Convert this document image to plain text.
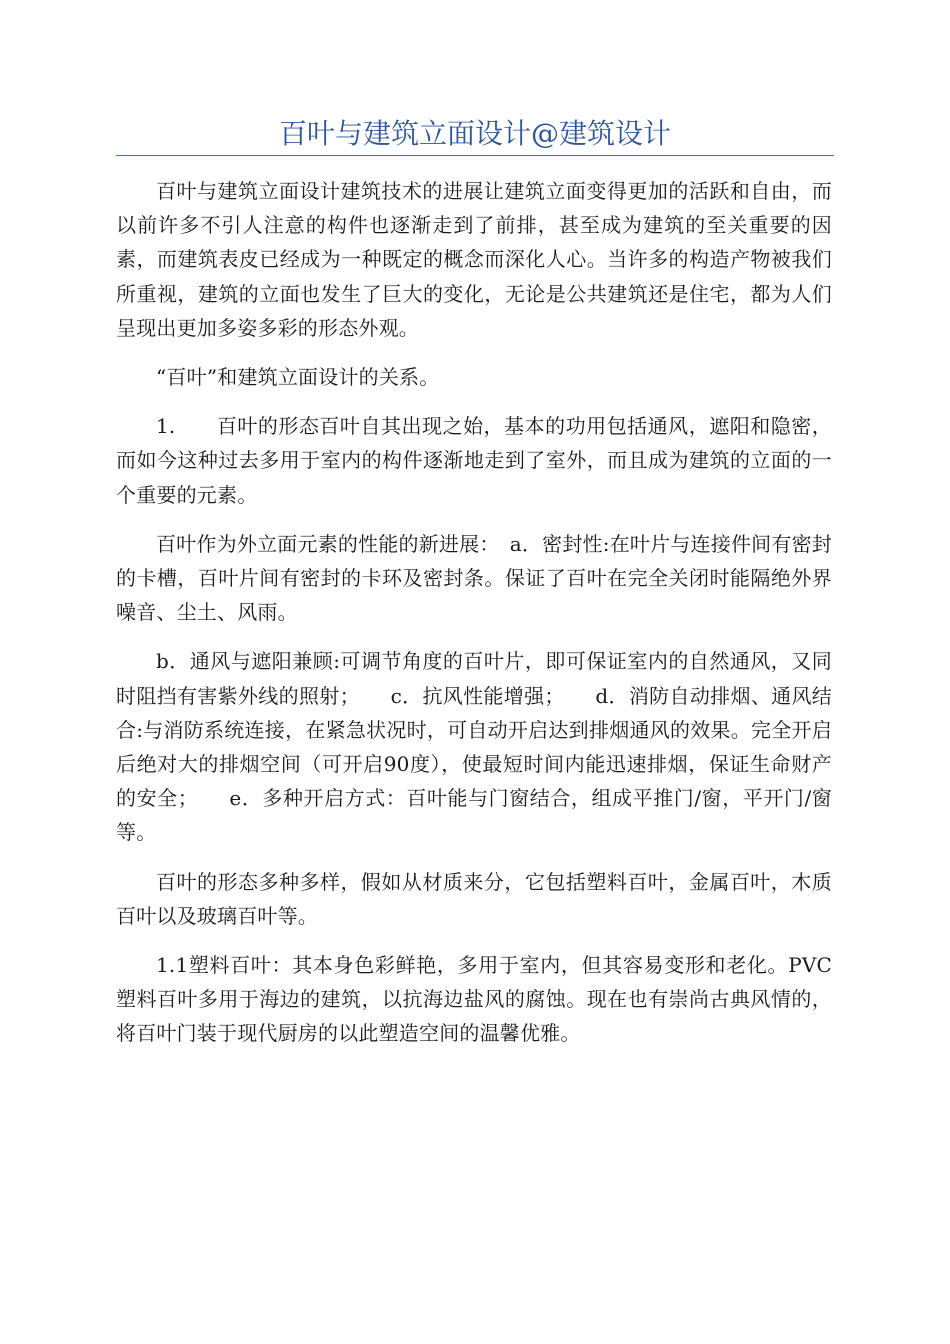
百叶与建筑立面设计@建筑设计

百叶与建筑立面设计建筑技术的进展让建筑立面变得更加的活跃和自由，而以前许多不引人注意的构件也逐渐走到了前排，甚至成为建筑的至关重要的因素，而建筑表皮已经成为一种既定的概念而深化人心。当许多的构造产物被我们所重视，建筑的立面也发生了巨大的变化，无论是公共建筑还是住宅，都为人们呈现出更加多姿多彩的形态外观。

“百叶”和建筑立面设计的关系。

1.　　百叶的形态百叶自其出现之始，基本的功用包括通风，遮阳和隐密，而如今这种过去多用于室内的构件逐渐地走到了室外，而且成为建筑的立面的一个重要的元素。

百叶作为外立面元素的性能的新进展：　a．密封性:在叶片与连接件间有密封的卡槽，百叶片间有密封的卡环及密封条。保证了百叶在完全关闭时能隔绝外界噪音、尘土、风雨。

b．通风与遮阳兼顾:可调节角度的百叶片，即可保证室内的自然通风，又同时阻挡有害紫外线的照射；　　c．抗风性能增强；　　d．消防自动排烟、通风结合:与消防系统连接，在紧急状况时，可自动开启达到排烟通风的效果。完全开启后绝对大的排烟空间（可开启90度），使最短时间内能迅速排烟，保证生命财产的安全；　　e．多种开启方式：百叶能与门窗结合，组成平推门/窗，平开门/窗等。

百叶的形态多种多样，假如从材质来分，它包括塑料百叶，金属百叶，木质百叶以及玻璃百叶等。

1.1塑料百叶：其本身色彩鲜艳，多用于室内，但其容易变形和老化。PVC塑料百叶多用于海边的建筑，以抗海边盐风的腐蚀。现在也有崇尚古典风情的，将百叶门装于现代厨房的以此塑造空间的温馨优雅。
